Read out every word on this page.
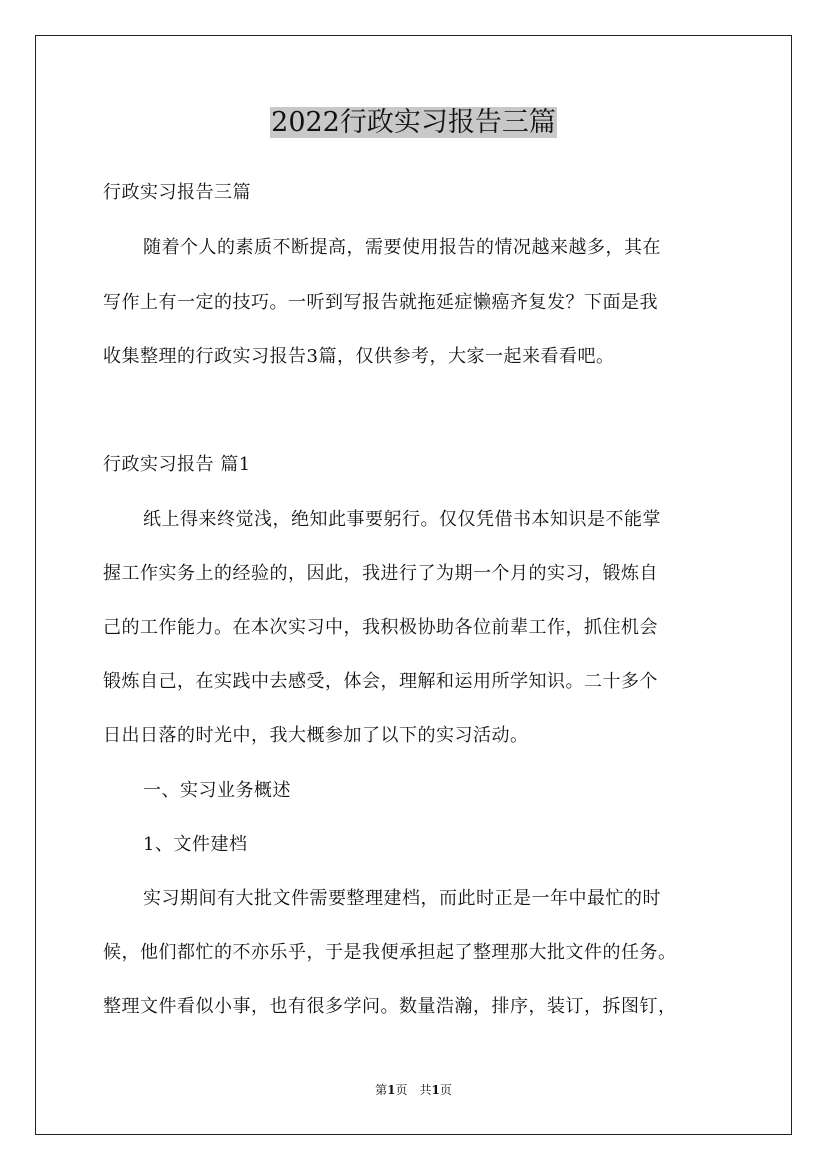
2022行政实习报告三篇

行政实习报告三篇

随着个人的素质不断提高，需要使用报告的情况越来越多，其在

写作上有一定的技巧。一听到写报告就拖延症懒癌齐复发？下面是我

收集整理的行政实习报告3篇，仅供参考，大家一起来看看吧。

行政实习报告 篇1

纸上得来终觉浅，绝知此事要躬行。仅仅凭借书本知识是不能掌

握工作实务上的经验的，因此，我进行了为期一个月的实习，锻炼自

己的工作能力。在本次实习中，我积极协助各位前辈工作，抓住机会

锻炼自己，在实践中去感受，体会，理解和运用所学知识。二十多个

日出日落的时光中，我大概参加了以下的实习活动。

一、实习业务概述

1、文件建档

实习期间有大批文件需要整理建档，而此时正是一年中最忙的时

候，他们都忙的不亦乐乎，于是我便承担起了整理那大批文件的任务。

整理文件看似小事，也有很多学问。数量浩瀚，排序，装订，拆图钉，

第1页　共1页
